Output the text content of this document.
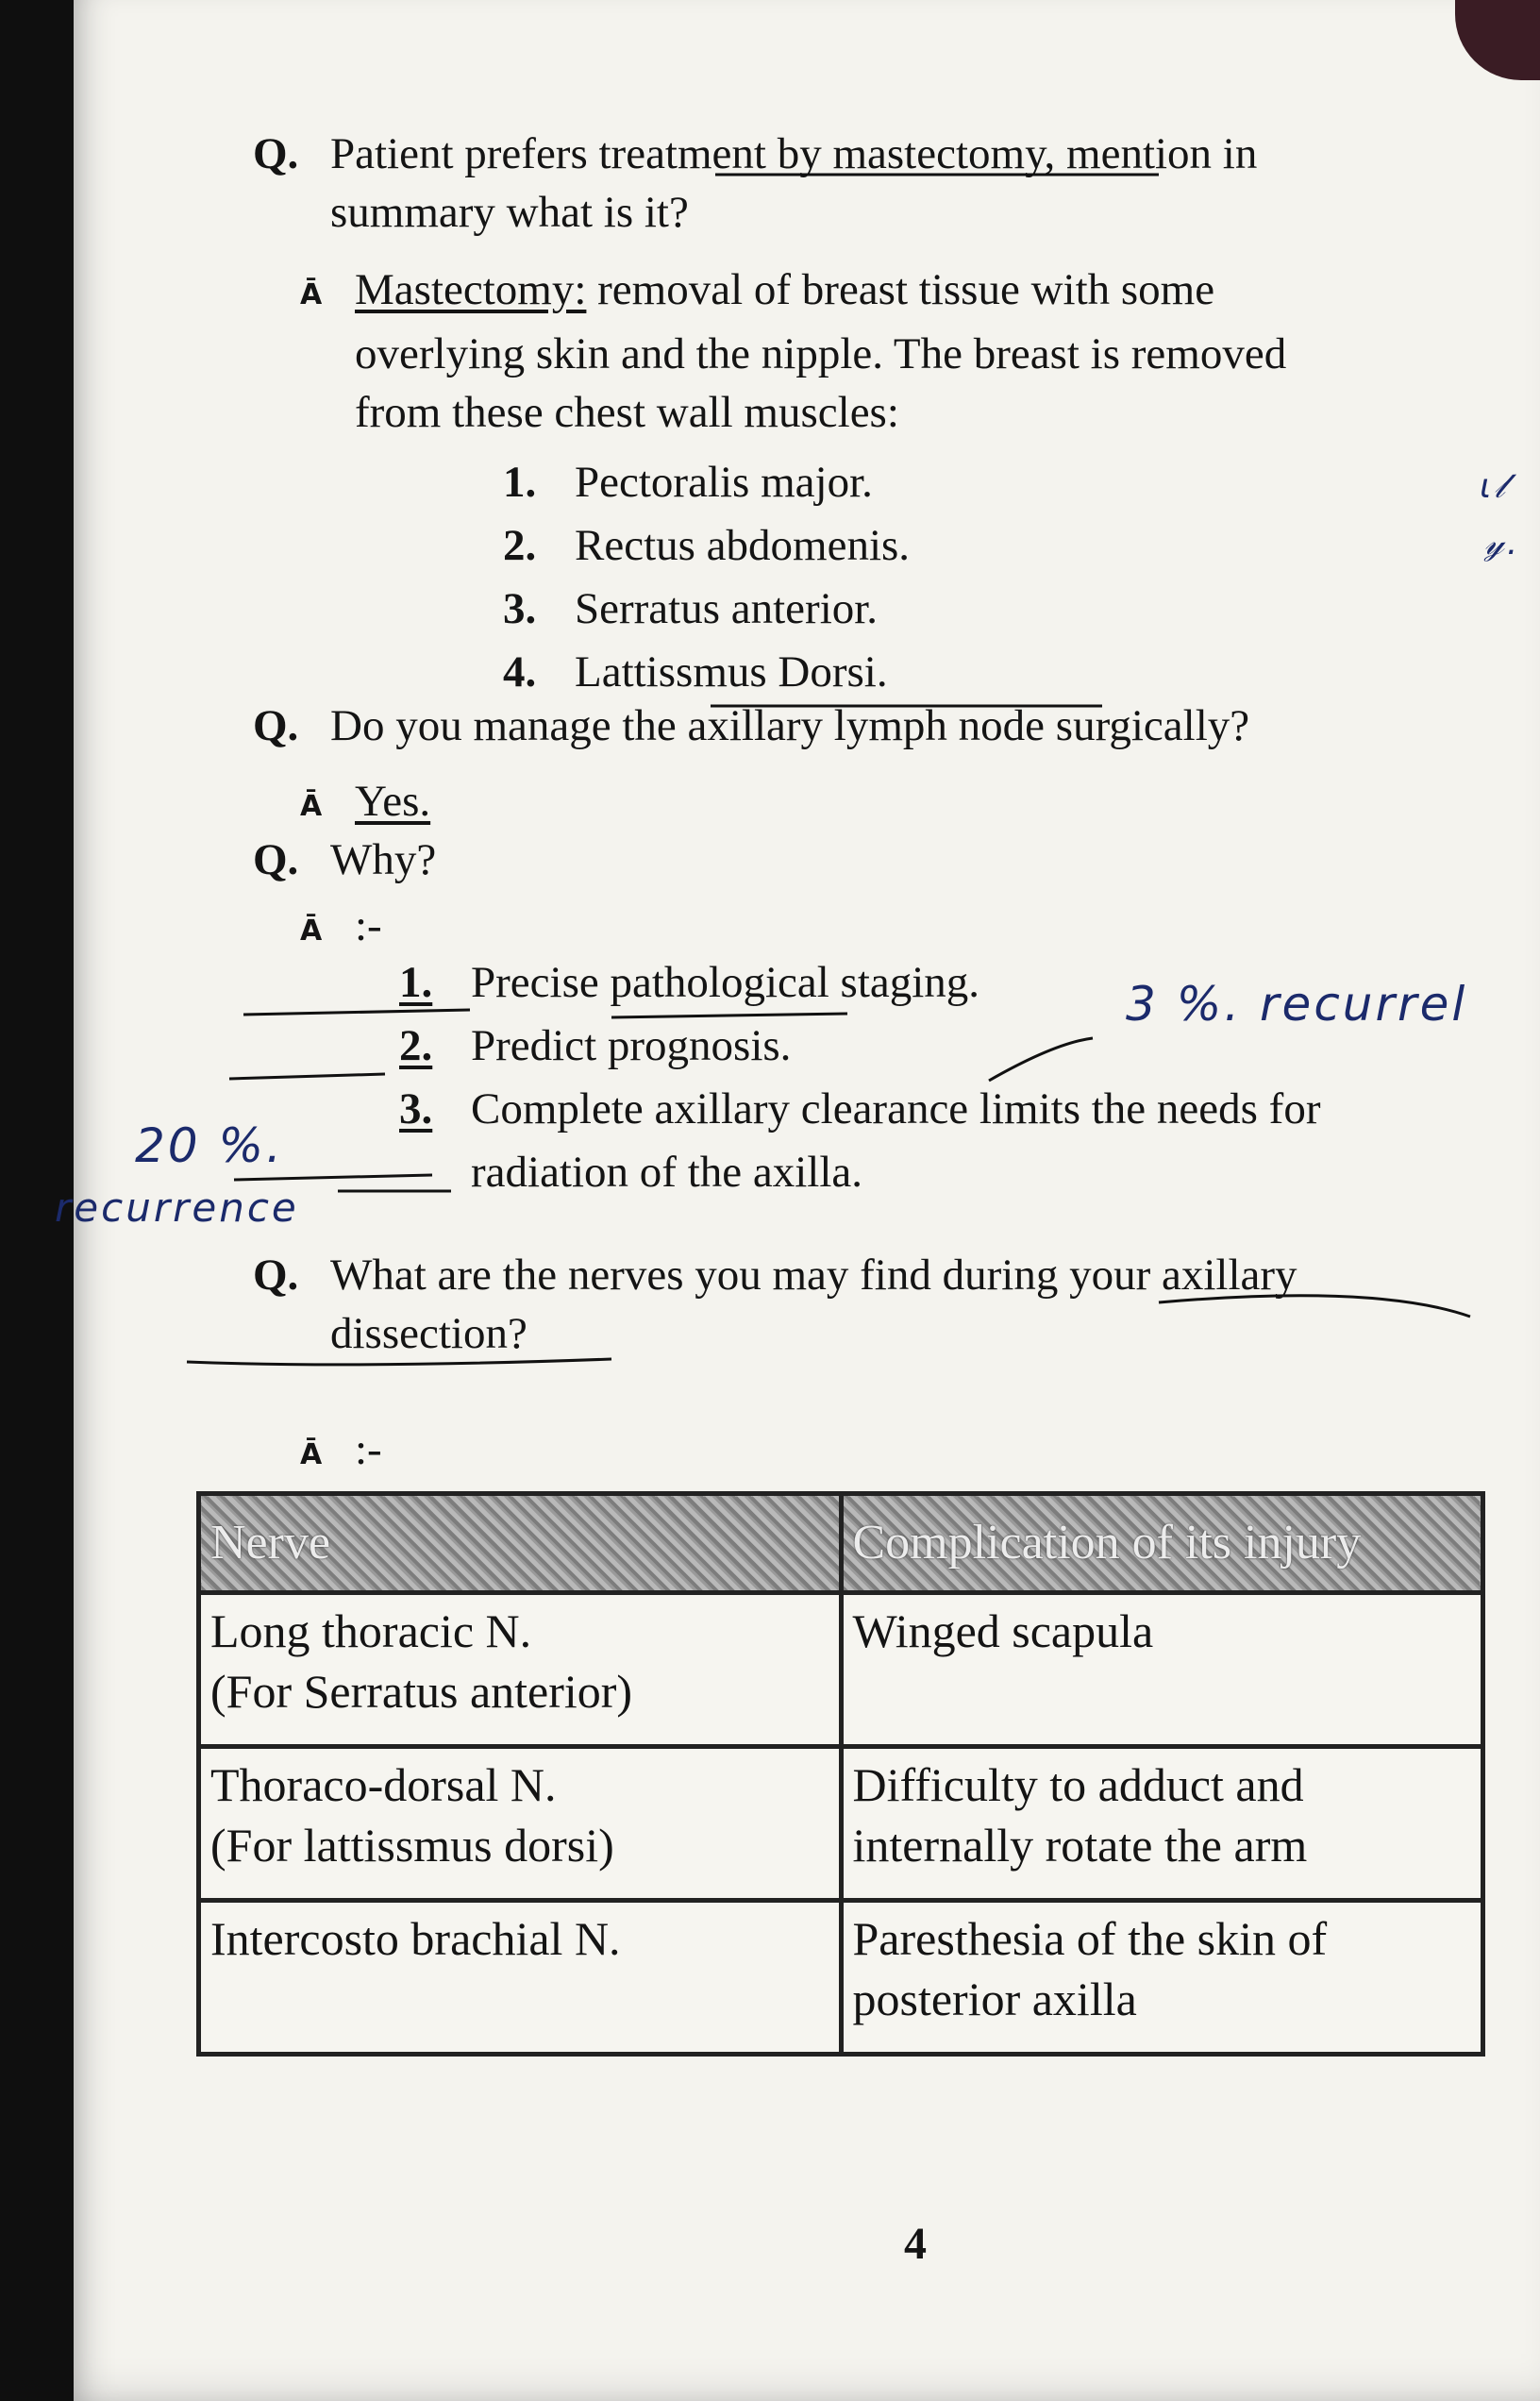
Q. Patient prefers treatment by mastectomy, mention in
summary what is it?
Ā Mastectomy: removal of breast tissue with some
overlying skin and the nipple. The breast is removed
from these chest wall muscles:
1. Pectoralis major.
2. Rectus abdomenis.
3. Serratus anterior.
4. Lattissmus Dorsi.
Q. Do you manage the axillary lymph node surgically?
Ā Yes.
Q. Why?
Ā :-
1. Precise pathological staging.
2. Predict prognosis.
3. Complete axillary clearance limits the needs for
radiation of the axilla.
3 %. recurrel
20 %.
recurrence
ι𝓁
𝓎.
Q. What are the nerves you may find during your axillary
dissection?
Ā :-
Nerve	Complication of its injury
Long thoracic N.
(For Serratus anterior)	Winged scapula

Thoraco-dorsal N.
(For lattissmus dorsi)	Difficulty to adduct and
internally rotate the arm
Intercosto brachial N.	Paresthesia of the skin of
posterior axilla
4
